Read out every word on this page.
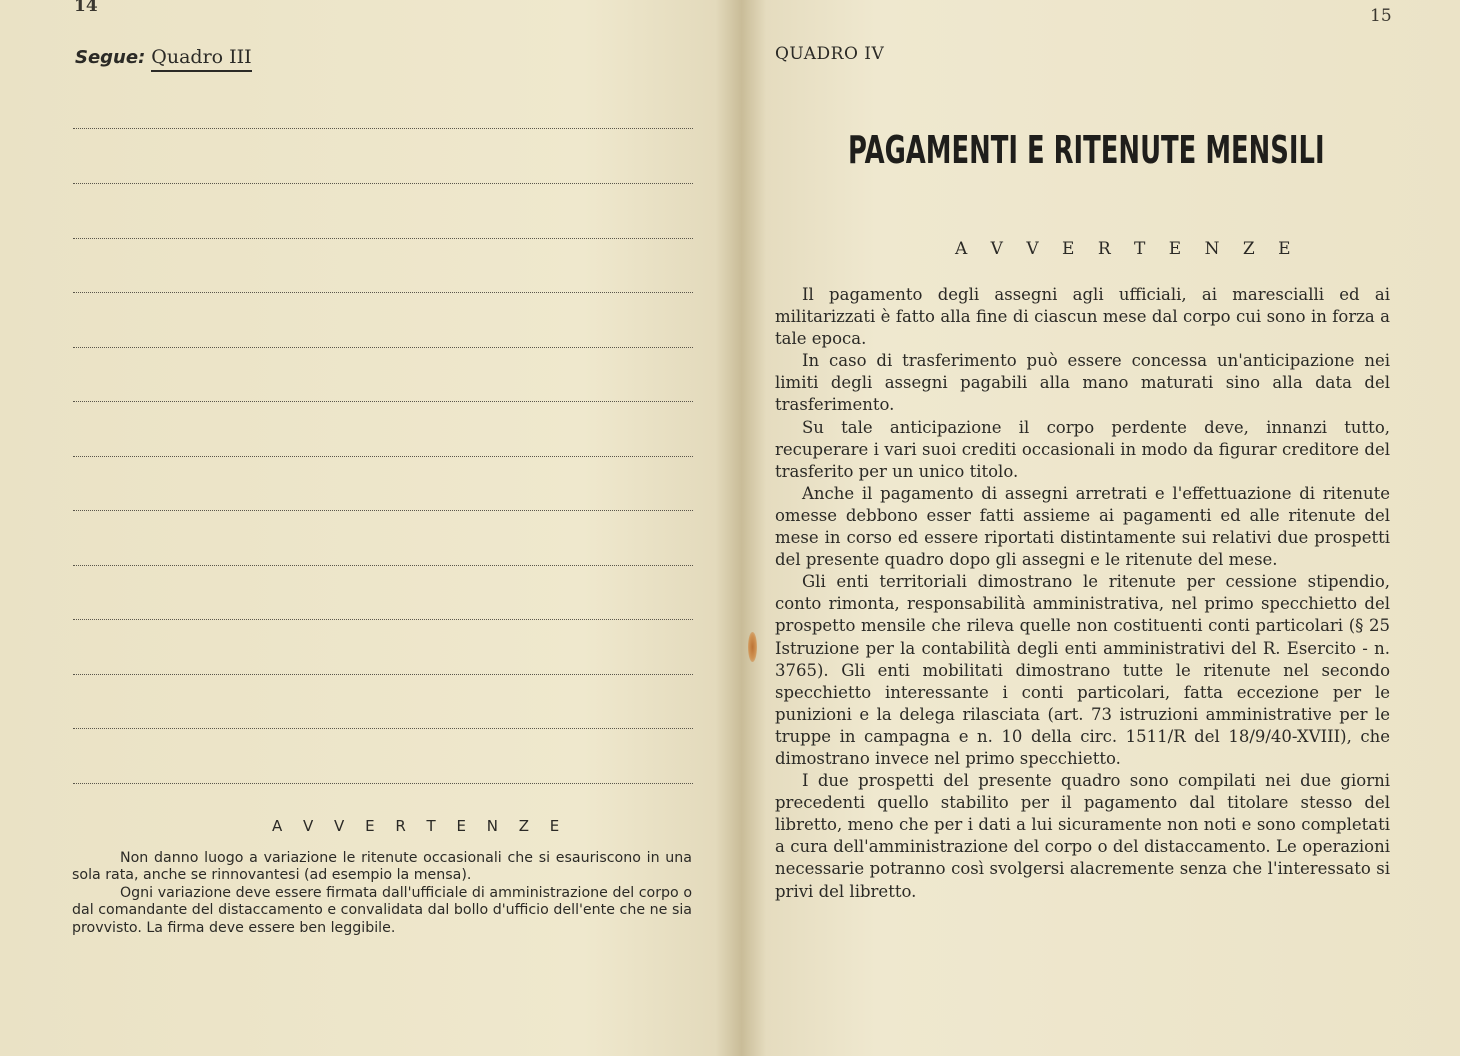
14
Segue: Quadro III
A V V E R T E N Z E

Non danno luogo a variazione le ritenute occasionali che si esauriscono in una sola rata, anche se rinnovantesi (ad esempio la mensa).

Ogni variazione deve essere firmata dall'ufficiale di amministrazione del corpo o dal comandante del distaccamento e convalidata dal bollo d'ufficio dell'ente che ne sia provvisto. La firma deve essere ben leggibile.

15
QUADRO IV
PAGAMENTI E RITENUTE MENSILI
A V V E R T E N Z E

Il pagamento degli assegni agli ufficiali, ai marescialli ed ai militarizzati è fatto alla fine di ciascun mese dal corpo cui sono in forza a tale epoca.

In caso di trasferimento può essere concessa un'anticipazione nei limiti degli assegni pagabili alla mano maturati sino alla data del trasferimento.

Su tale anticipazione il corpo perdente deve, innanzi tutto, recuperare i vari suoi crediti occasionali in modo da figurar creditore del trasferito per un unico titolo.

Anche il pagamento di assegni arretrati e l'effettuazione di ritenute omesse debbono esser fatti assieme ai pagamenti ed alle ritenute del mese in corso ed essere riportati distintamente sui relativi due prospetti del presente quadro dopo gli assegni e le ritenute del mese.

Gli enti territoriali dimostrano le ritenute per cessione stipendio, conto rimonta, responsabilità amministrativa, nel primo specchietto del prospetto mensile che rileva quelle non costituenti conti particolari (§ 25 Istruzione per la contabilità degli enti amministrativi del R. Esercito - n. 3765). Gli enti mobilitati dimostrano tutte le ritenute nel secondo specchietto interessante i conti particolari, fatta eccezione per le punizioni e la delega rilasciata (art. 73 istruzioni amministrative per le truppe in campagna e n. 10 della circ. 1511/R del 18/9/40-XVIII), che dimostrano invece nel primo specchietto.

I due prospetti del presente quadro sono compilati nei due giorni precedenti quello stabilito per il pagamento dal titolare stesso del libretto, meno che per i dati a lui sicuramente non noti e sono completati a cura dell'amministrazione del corpo o del distaccamento. Le operazioni necessarie potranno così svolgersi alacremente senza che l'interessato si privi del libretto.
